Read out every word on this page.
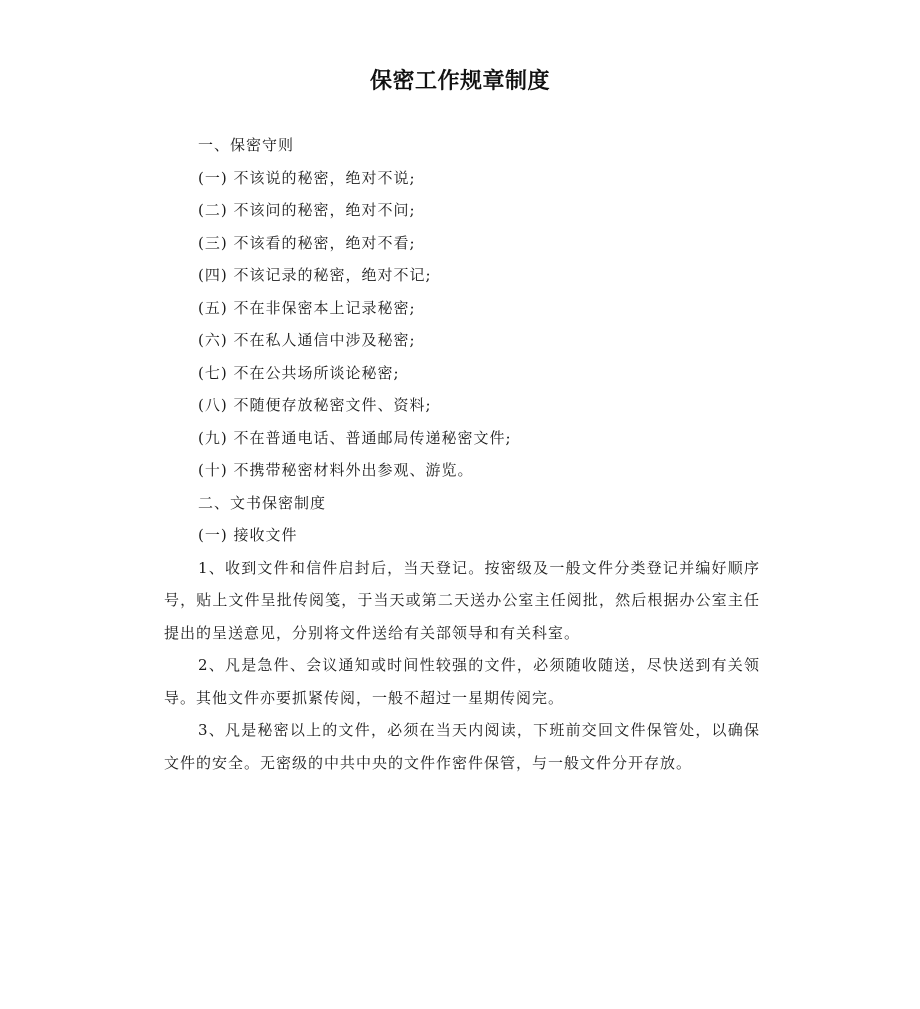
保密工作规章制度

一、保密守则

(一) 不该说的秘密，绝对不说;

(二) 不该问的秘密，绝对不问;

(三) 不该看的秘密，绝对不看;

(四) 不该记录的秘密，绝对不记;

(五) 不在非保密本上记录秘密;

(六) 不在私人通信中涉及秘密;

(七) 不在公共场所谈论秘密;

(八) 不随便存放秘密文件、资料;

(九) 不在普通电话、普通邮局传递秘密文件;

(十) 不携带秘密材料外出参观、游览。

二、文书保密制度

(一) 接收文件

1、收到文件和信件启封后，当天登记。按密级及一般文件分类登记并编好顺序号，贴上文件呈批传阅笺，于当天或第二天送办公室主任阅批，然后根据办公室主任提出的呈送意见，分别将文件送给有关部领导和有关科室。

2、凡是急件、会议通知或时间性较强的文件，必须随收随送，尽快送到有关领导。其他文件亦要抓紧传阅，一般不超过一星期传阅完。

3、凡是秘密以上的文件，必须在当天内阅读，下班前交回文件保管处，以确保文件的安全。无密级的中共中央的文件作密件保管，与一般文件分开存放。
